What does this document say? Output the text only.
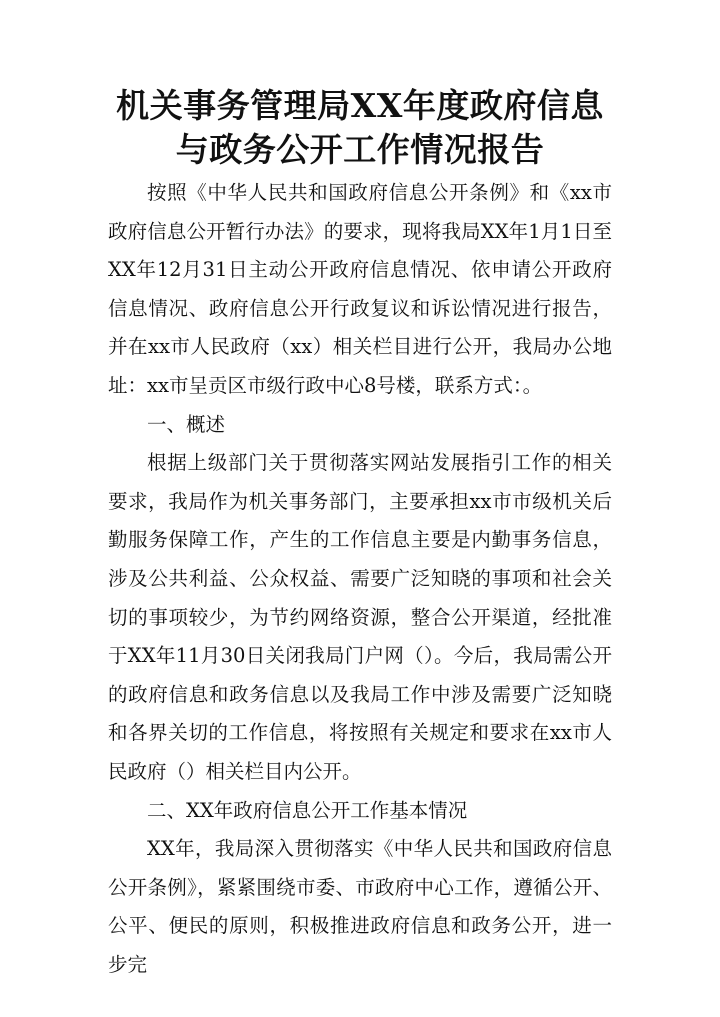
机关事务管理局XX年度政府信息与政务公开工作情况报告

按照《中华人民共和国政府信息公开条例》和《xx市政府信息公开暂行办法》的要求，现将我局XX年1月1日至XX年12月31日主动公开政府信息情况、依申请公开政府信息情况、政府信息公开行政复议和诉讼情况进行报告，并在xx市人民政府（xx）相关栏目进行公开，我局办公地址：xx市呈贡区市级行政中心8号楼，联系方式：。

一、概述

根据上级部门关于贯彻落实网站发展指引工作的相关要求，我局作为机关事务部门，主要承担xx市市级机关后勤服务保障工作，产生的工作信息主要是内勤事务信息，涉及公共利益、公众权益、需要广泛知晓的事项和社会关切的事项较少，为节约网络资源，整合公开渠道，经批准于XX年11月30日关闭我局门户网（）。今后，我局需公开的政府信息和政务信息以及我局工作中涉及需要广泛知晓和各界关切的工作信息，将按照有关规定和要求在xx市人民政府（）相关栏目内公开。

二、XX年政府信息公开工作基本情况

XX年，我局深入贯彻落实《中华人民共和国政府信息公开条例》，紧紧围绕市委、市政府中心工作，遵循公开、公平、便民的原则，积极推进政府信息和政务公开，进一步完
